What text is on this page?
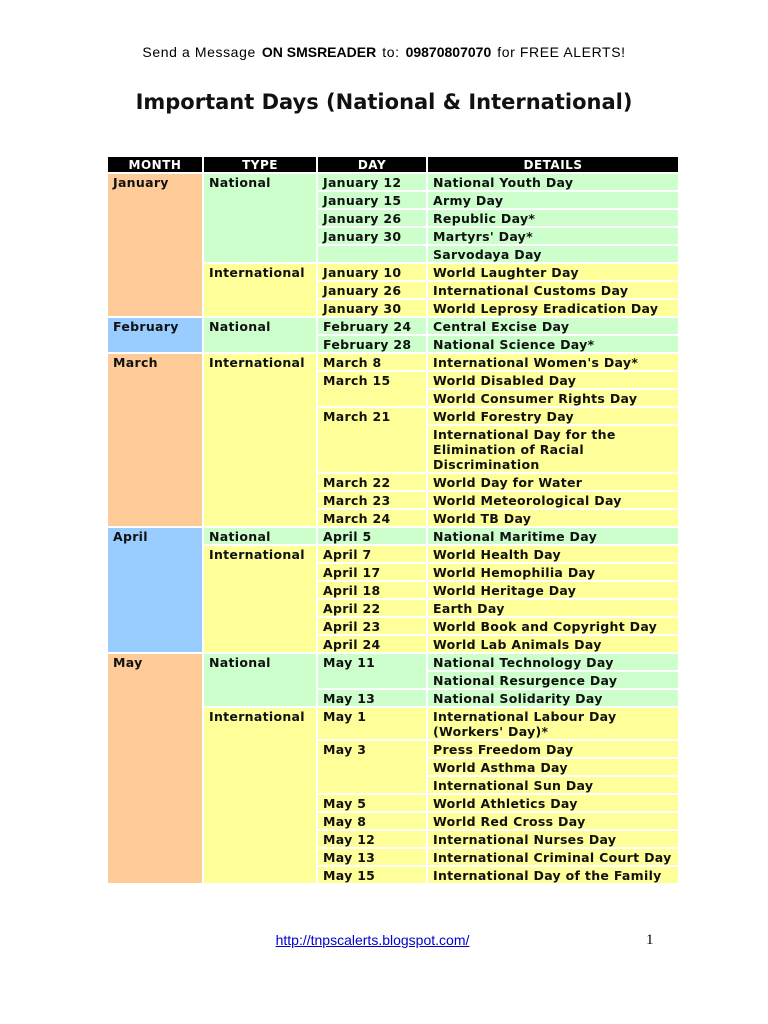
Send a Message ON SMSREADER to: 09870807070 for FREE ALERTS!
Important Days (National & International)
MONTH	TYPE	DAY	DETAILS
January	National	January 12	National Youth Day
		January 15	Army Day
		January 26	Republic Day*
		January 30	Martyrs' Day*
			Sarvodaya Day
	International	January 10	World Laughter Day
		January 26	International Customs Day
		January 30	World Leprosy Eradication Day
February	National	February 24	Central Excise Day
		February 28	National Science Day*
March	International	March 8	International Women's Day*
		March 15	World Disabled Day
			World Consumer Rights Day
		March 21	World Forestry Day
			International Day for the Elimination of Racial Discrimination
		March 22	World Day for Water
		March 23	World Meteorological Day
		March 24	World TB Day
April	National	April 5	National Maritime Day
	International	April 7	World Health Day
		April 17	World Hemophilia Day
		April 18	World Heritage Day
		April 22	Earth Day
		April 23	World Book and Copyright Day
		April 24	World Lab Animals Day
May	National	May 11	National Technology Day
			National Resurgence Day
		May 13	National Solidarity Day
	International	May 1	International Labour Day (Workers' Day)*
		May 3	Press Freedom Day
			World Asthma Day
			International Sun Day
		May 5	World Athletics Day
		May 8	World Red Cross Day
		May 12	International Nurses Day
		May 13	International Criminal Court Day
		May 15	International Day of the Family
http://tnpscalerts.blogspot.com/	1
